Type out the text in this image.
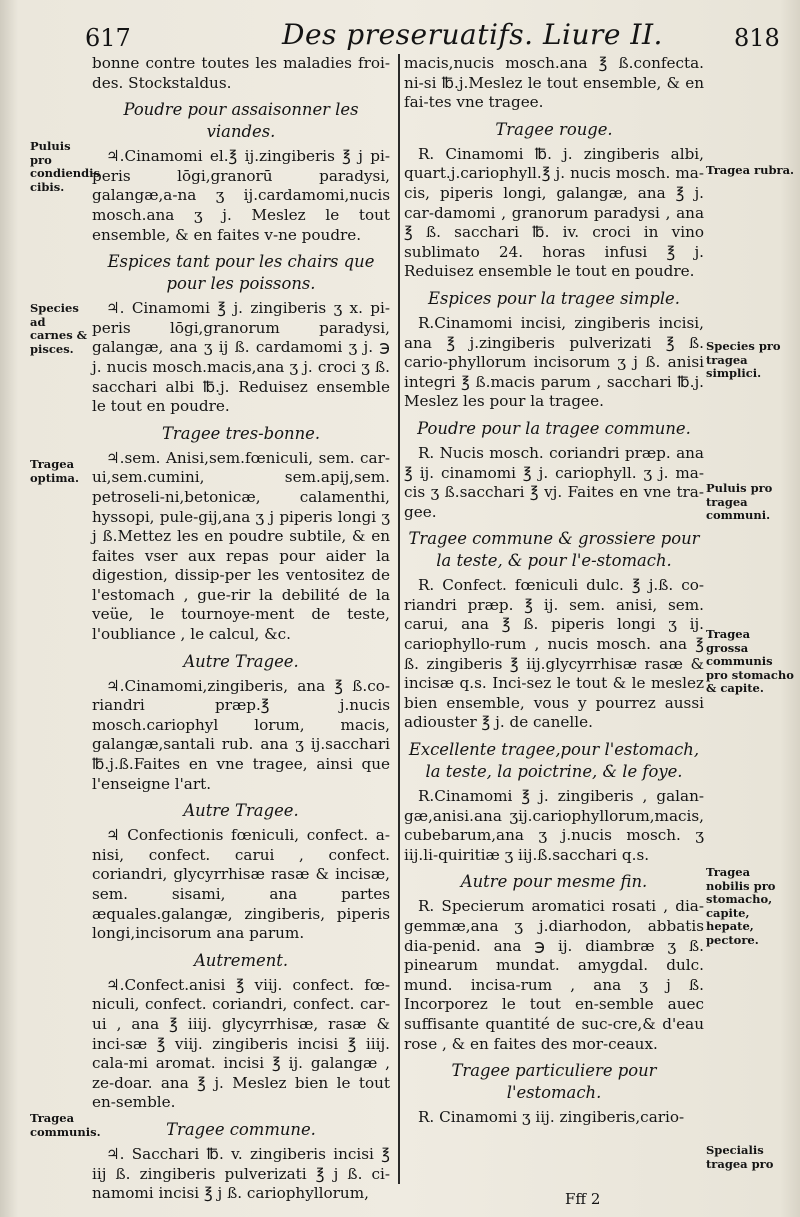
617	Des preseruatifs. Liure II.	818

bonne contre toutes les maladies froi-des. Stockstaldus.

Poudre pour assaisonner les viandes.

♃.Cinamomi el.℥ ij.zingiberis ℥ j pi-peris lōgi,granorū paradysi, galangæ,a-na ʒ ij.cardamomi,nucis mosch.ana ʒ j. Meslez le tout ensemble, & en faites v-ne poudre.

Espices tant pour les chairs que pour les poissons.

♃. Cinamomi ℥ j. zingiberis ʒ x. pi-peris lōgi,granorum paradysi, galangæ, ana ʒ ij ß. cardamomi ʒ j. ℈ j. nucis mosch.macis,ana ʒ j. croci ʒ ß. sacchari albi ℔.j. Reduisez ensemble le tout en poudre.

Tragee tres-bonne.

♃.sem. Anisi,sem.fœniculi, sem. car-ui,sem.cumini, sem.apij,sem. petroseli-ni,betonicæ, calamenthi, hyssopi, pule-gij,ana ʒ j piperis longi ʒ j ß.Mettez les en poudre subtile, & en faites vser aux repas pour aider la digestion, dissip-per les ventositez de l'estomach , gue-rir la debilité de la veüe, le tournoye-ment de teste, l'oubliance , le calcul, &c.

Autre Tragee.

♃.Cinamomi,zingiberis, ana ℥ ß.co-riandri præp.℥ j.nucis mosch.cariophyl lorum, macis, galangæ,santali rub. ana ʒ ij.sacchari ℔.j.ß.Faites en vne tragee, ainsi que l'enseigne l'art.

Autre Tragee.

♃ Confectionis fœniculi, confect. a-nisi, confect. carui , confect. coriandri, glycyrrhisæ rasæ & incisæ, sem. sisami, ana partes æquales.galangæ, zingiberis, piperis longi,incisorum ana parum.

Autrement.

♃.Confect.anisi ℥ viij. confect. fœ-niculi, confect. coriandri, confect. car-ui , ana ℥ iiij. glycyrrhisæ, rasæ & inci-sæ ℥ viij. zingiberis incisi ℥ iiij. cala-mi aromat. incisi ℥ ij. galangæ , ze-doar. ana ℥ j. Meslez bien le tout en-semble.

Tragee commune.

♃. Sacchari ℔. v. zingiberis incisi ℥ iij ß. zingiberis pulverizati ℥ j ß. ci-namomi incisi ℥ j ß. cariophyllorum,

macis,nucis mosch.ana ℥ ß.confecta. ni-si ℔.j.Meslez le tout ensemble, & en fai-tes vne tragee.

Tragee rouge.

R. Cinamomi ℔. j. zingiberis albi, quart.j.cariophyll.℥ j. nucis mosch. ma-cis, piperis longi, galangæ, ana ℥ j. car-damomi , granorum paradysi , ana ℥ ß. sacchari ℔. iv. croci in vino sublimato 24. horas infusi ℥ j. Reduisez ensemble le tout en poudre.

Espices pour la tragee simple.

R.Cinamomi incisi, zingiberis incisi, ana ℥ j.zingiberis pulverizati ℥ ß. cario-phyllorum incisorum ʒ j ß. anisi integri ℥ ß.macis parum , sacchari ℔.j. Meslez les pour la tragee.

Poudre pour la tragee commune.

R. Nucis mosch. coriandri præp. ana ℥ ij. cinamomi ℥ j. cariophyll. ʒ j. ma-cis ʒ ß.sacchari ℥ vj. Faites en vne tra-gee.

Tragee commune & grossiere pour la teste, & pour l'e-stomach.

R. Confect. fœniculi dulc. ℥ j.ß. co-riandri præp. ℥ ij. sem. anisi, sem. carui, ana ℥ ß. piperis longi ʒ ij. cariophyllo-rum , nucis mosch. ana ℥ ß. zingiberis ℥ iij.glycyrrhisæ rasæ & incisæ q.s. Inci-sez le tout & le meslez bien ensemble, vous y pourrez aussi adiouster ℥ j. de canelle.

Excellente tragee,pour l'estomach, la teste, la poictrine, & le foye.

R.Cinamomi ℥ j. zingiberis , galan-gæ,anisi.ana ʒij.cariophyllorum,macis, cubebarum,ana ʒ j.nucis mosch. ʒ iij.li-quiritiæ ʒ iij.ß.sacchari q.s.

Autre pour mesme fin.

R. Specierum aromatici rosati , dia-gemmæ,ana ʒ j.diarhodon, abbatis dia-penid. ana ℈ ij. diambræ ʒ ß. pinearum mundat. amygdal. dulc. mund. incisa-rum , ana ʒ j ß. Incorporez le tout en-semble auec suffisante quantité de suc-cre,& d'eau rose , & en faites des mor-ceaux.

Tragee particuliere pour l'estomach.

R. Cinamomi ʒ iij. zingiberis,cario-

Puluis pro condiendis cibis.
Species ad carnes & pisces.
Tragea optima.
Tragea communis.
Tragea rubra.
Species pro tragea simplici.
Puluis pro tragea communi.
Tragea grossa communis pro stomacho & capite.
Tragea nobilis pro stomacho, capite, hepate, pectore.
Specialis tragea pro
Fff 2
